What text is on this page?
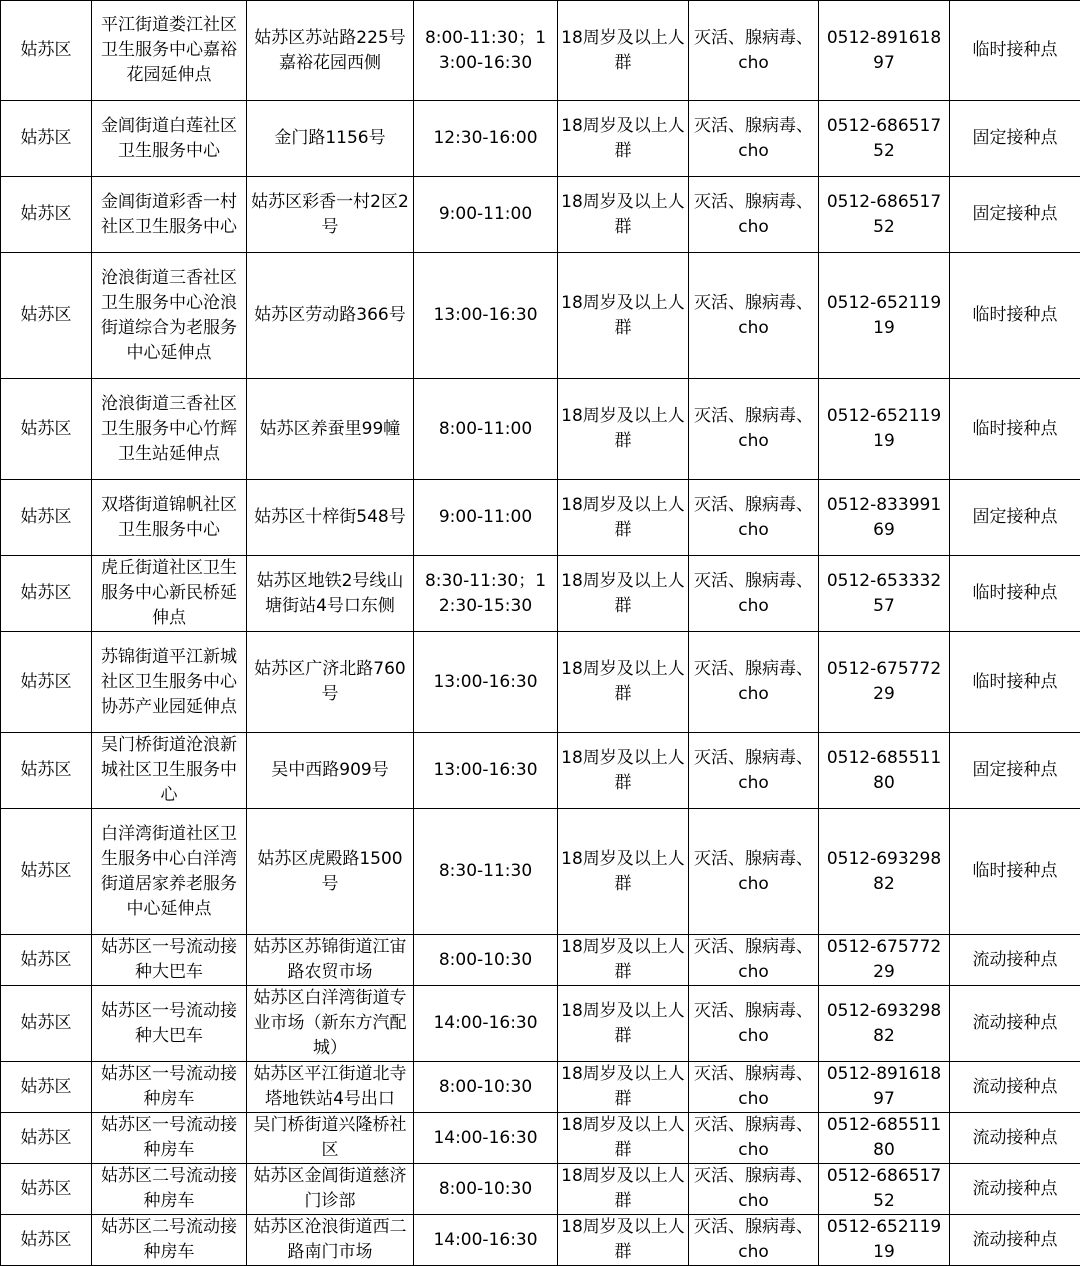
姑苏区	平江街道娄江社区卫生服务中心嘉裕花园延伸点	姑苏区苏站路225号嘉裕花园西侧	8:00-11:30；13:00-16:30	18周岁及以上人群	灭活、腺病毒、cho	0512-89161897	临时接种点
姑苏区	金阊街道白莲社区卫生服务中心	金门路1156号	12:30-16:00	18周岁及以上人群	灭活、腺病毒、cho	0512-68651752	固定接种点
姑苏区	金阊街道彩香一村社区卫生服务中心	姑苏区彩香一村2区2号	9:00-11:00	18周岁及以上人群	灭活、腺病毒、cho	0512-68651752	固定接种点
姑苏区	沧浪街道三香社区卫生服务中心沧浪街道综合为老服务中心延伸点	姑苏区劳动路366号	13:00-16:30	18周岁及以上人群	灭活、腺病毒、cho	0512-65211919	临时接种点
姑苏区	沧浪街道三香社区卫生服务中心竹辉卫生站延伸点	姑苏区养蚕里99幢	8:00-11:00	18周岁及以上人群	灭活、腺病毒、cho	0512-65211919	临时接种点
姑苏区	双塔街道锦帆社区卫生服务中心	姑苏区十梓街548号	9:00-11:00	18周岁及以上人群	灭活、腺病毒、cho	0512-83399169	固定接种点
姑苏区	虎丘街道社区卫生服务中心新民桥延伸点	姑苏区地铁2号线山塘街站4号口东侧	8:30-11:30；12:30-15:30	18周岁及以上人群	灭活、腺病毒、cho	0512-65333257	临时接种点
姑苏区	苏锦街道平江新城社区卫生服务中心协苏产业园延伸点	姑苏区广济北路760号	13:00-16:30	18周岁及以上人群	灭活、腺病毒、cho	0512-67577229	临时接种点
姑苏区	吴门桥街道沧浪新城社区卫生服务中心	吴中西路909号	13:00-16:30	18周岁及以上人群	灭活、腺病毒、cho	0512-68551180	固定接种点
姑苏区	白洋湾街道社区卫生服务中心白洋湾街道居家养老服务中心延伸点	姑苏区虎殿路1500号	8:30-11:30	18周岁及以上人群	灭活、腺病毒、cho	0512-69329882	临时接种点
姑苏区	姑苏区一号流动接种大巴车	姑苏区苏锦街道江宙路农贸市场	8:00-10:30	18周岁及以上人群	灭活、腺病毒、cho	0512-67577229	流动接种点
姑苏区	姑苏区一号流动接种大巴车	姑苏区白洋湾街道专业市场（新东方汽配城）	14:00-16:30	18周岁及以上人群	灭活、腺病毒、cho	0512-69329882	流动接种点
姑苏区	姑苏区一号流动接种房车	姑苏区平江街道北寺塔地铁站4号出口	8:00-10:30	18周岁及以上人群	灭活、腺病毒、cho	0512-89161897	流动接种点
姑苏区	姑苏区一号流动接种房车	吴门桥街道兴隆桥社区	14:00-16:30	18周岁及以上人群	灭活、腺病毒、cho	0512-68551180	流动接种点
姑苏区	姑苏区二号流动接种房车	姑苏区金阊街道慈济门诊部	8:00-10:30	18周岁及以上人群	灭活、腺病毒、cho	0512-68651752	流动接种点
姑苏区	姑苏区二号流动接种房车	姑苏区沧浪街道西二路南门市场	14:00-16:30	18周岁及以上人群	灭活、腺病毒、cho	0512-65211919	流动接种点
